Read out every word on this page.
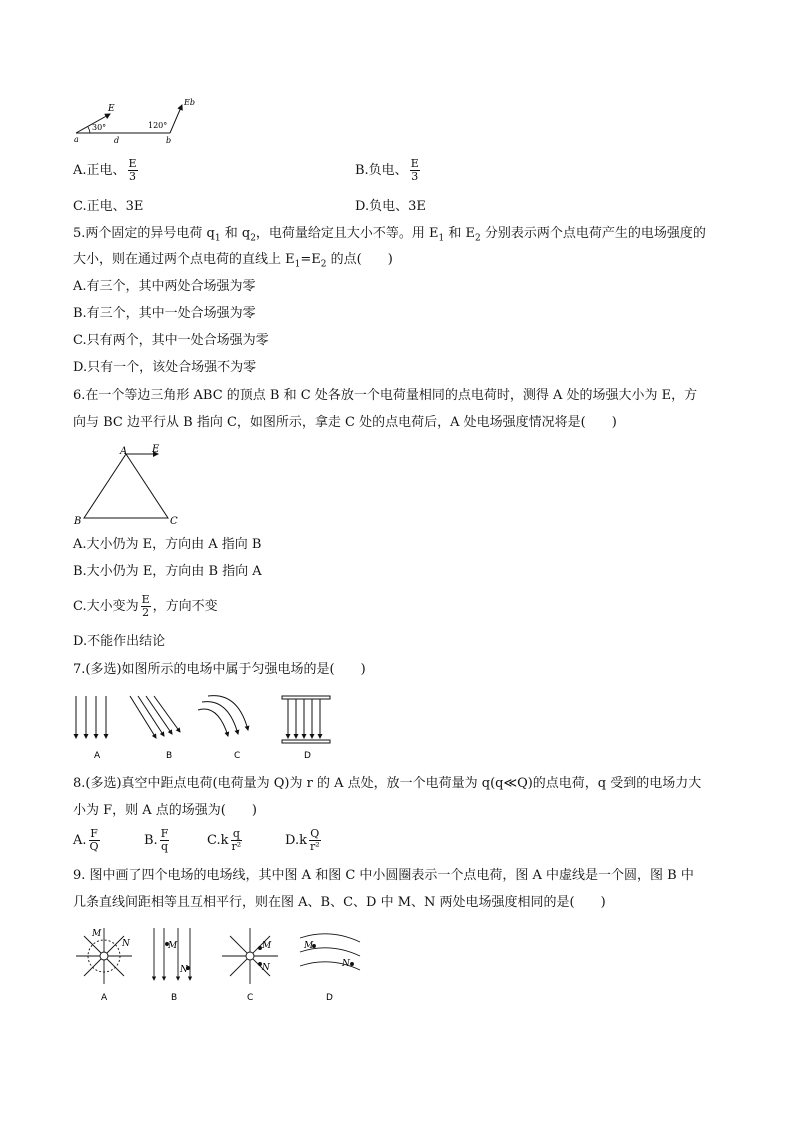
E
Eb
30°	120°
a	b
d
A.正电、 $\frac{E}{3}$	B.负电、 $\frac{E}{3}$
C.正电、3E	D.负电、3E
5.两个固定的异号电荷 $q_1$ 和 $q_2$，电荷量给定且大小不等。用 $E_1$ 和 $E_2$ 分别表示两个点电荷产生的电场强度的
大小，则在通过两个点电荷的直线上 $E_1=E_2$ 的点(　　)
A.有三个，其中两处合场强为零
B.有三个，其中一处合场强为零
C.只有两个，其中一处合场强为零
D.只有一个，该处合场强不为零
6.在一个等边三角形 ABC 的顶点 B 和 C 处各放一个电荷量相同的点电荷时，测得 A 处的场强大小为 E，方
向与 BC 边平行从 B 指向 C，如图所示，拿走 C 处的点电荷后，A 处电场强度情况将是(　　)
A E
B	C
A.大小仍为 E，方向由 A 指向 B
B.大小仍为 E，方向由 B 指向 A
C.大小变为 $\frac{E}{2}$ ，方向不变
D.不能作出结论
7.(多选)如图所示的电场中属于匀强电场的是(　　)
A	B	C	D
8.(多选)真空中距点电荷(电荷量为 Q)为 r 的 A 点处，放一个电荷量为 q(q≪Q)的点电荷，q 受到的电场力大
小为 F，则 A 点的场强为(　　)
A. $\frac{F}{Q}$	B. $\frac{F}{q}$	$C.k \frac{q}{\text{r²}}$	$D.k \frac{Q}{\text{r²}}$
9. 图中画了四个电场的电场线，其中图 A 和图 C 中小圆圈表示一个点电荷，图 A 中虚线是一个圆，图 B 中
几条直线间距相等且互相平行，则在图 A、B、C、D 中 M、N 两处电场强度相同的是(　　)
M
N	M
N
M
N
M
N
A	B	C	D
